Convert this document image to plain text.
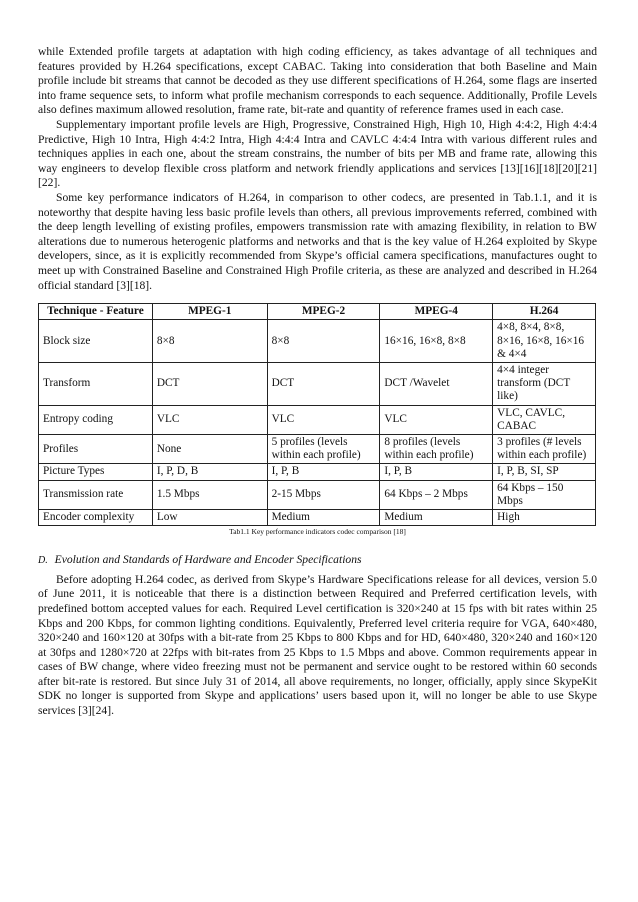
while Extended profile targets at adaptation with high coding efficiency, as takes advantage of all techniques and features provided by H.264 specifications, except CABAC. Taking into consideration that both Baseline and Main profile include bit streams that cannot be decoded as they use different specifications of H.264, some flags are inserted into frame sequence sets, to inform what profile mechanism corresponds to each sequence. Additionally, Profile Levels also defines maximum allowed resolution, frame rate, bit-rate and quantity of reference frames used in each case.

Supplementary important profile levels are High, Progressive, Constrained High, High 10, High 4:4:2, High 4:4:4 Predictive, High 10 Intra, High 4:4:2 Intra, High 4:4:4 Intra and CAVLC 4:4:4 Intra with various different rules and techniques applies in each one, about the stream constrains, the number of bits per MB and frame rate, allowing this way engineers to develop flexible cross platform and network friendly applications and services [13][16][18][20][21][22].

Some key performance indicators of H.264, in comparison to other codecs, are presented in Tab.1.1, and it is noteworthy that despite having less basic profile levels than others, all previous improvements referred, combined with the deep length levelling of existing profiles, empowers transmission rate with amazing flexibility, in relation to BW alterations due to numerous heterogenic platforms and networks and that is the key value of H.264 exploited by Skype developers, since, as it is explicitly recommended from Skype’s official camera specifications, manufactures ought to meet up with Constrained Baseline and Constrained High Profile criteria, as these are analyzed and described in H.264 official standard [3][18].

Technique - Feature	MPEG-1	MPEG-2	MPEG-4	H.264
Block size	8×8	8×8	16×16, 16×8, 8×8	4×8, 8×4, 8×8, 8×16, 16×8, 16×16 & 4×4
Transform	DCT	DCT	DCT /Wavelet	4×4 integer transform (DCT like)
Entropy coding	VLC	VLC	VLC	VLC, CAVLC, CABAC
Profiles	None	5 profiles (levels within each profile)	8 profiles (levels within each profile)	3 profiles (# levels within each profile)
Picture Types	I, P, D, B	I, P, B	I, P, B	I, P, B, SI, SP
Transmission rate	1.5 Mbps	2-15 Mbps	64 Kbps – 2 Mbps	64 Kbps – 150 Mbps
Encoder complexity	Low	Medium	Medium	High
Tab1.1 Key performance indicators codec comparison [18]
D. Evolution and Standards of Hardware and Encoder Specifications

Before adopting H.264 codec, as derived from Skype’s Hardware Specifications release for all devices, version 5.0 of June 2011, it is noticeable that there is a distinction between Required and Preferred certification levels, with predefined bottom accepted values for each. Required Level certification is 320×240 at 15 fps with bit rates within 25 Kbps and 200 Kbps, for common lighting conditions. Equivalently, Preferred level criteria require for VGA, 640×480, 320×240 and 160×120 at 30fps with a bit-rate from 25 Kbps to 800 Kbps and for HD, 640×480, 320×240 and 160×120 at 30fps and 1280×720 at 22fps with bit-rates from 25 Kbps to 1.5 Mbps and above. Common requirements appear in cases of BW change, where video freezing must not be permanent and service ought to be restored within 60 seconds after bit-rate is restored. But since July 31 of 2014, all above requirements, no longer, officially, apply since SkypeKit SDK no longer is supported from Skype and applications’ users based upon it, will no longer be able to use Skype services [3][24].
